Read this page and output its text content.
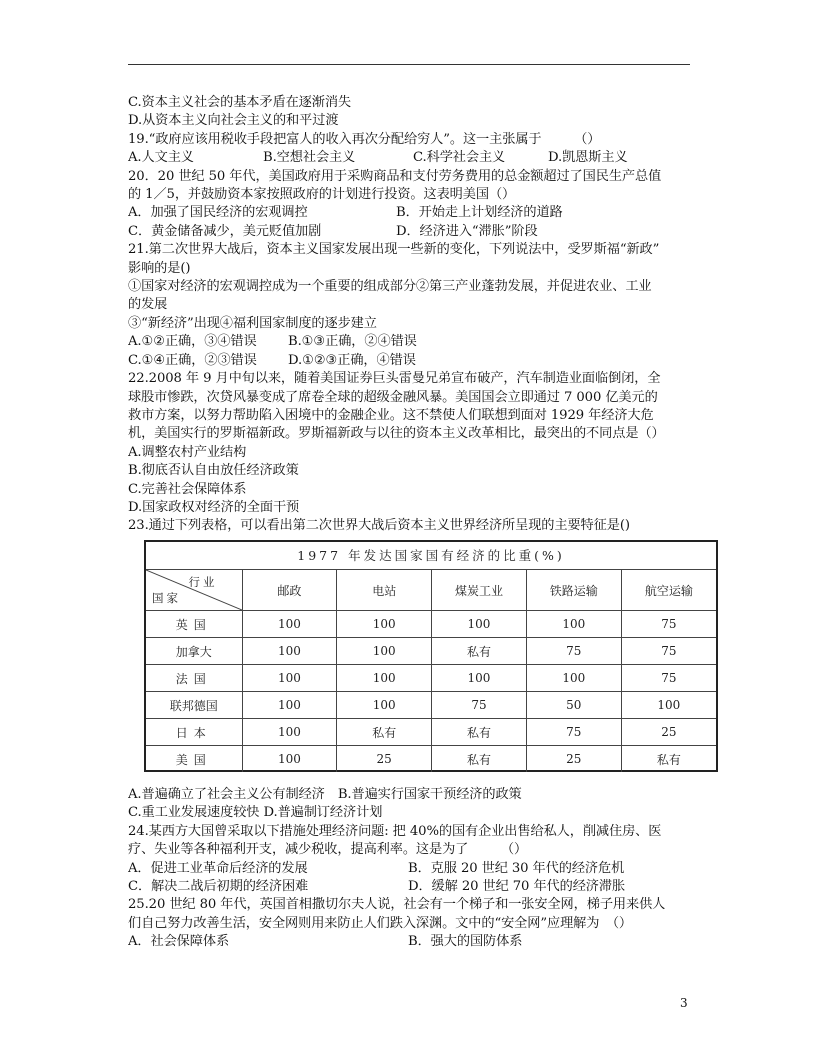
C.资本主义社会的基本矛盾在逐渐消失
D.从资本主义向社会主义的和平过渡
19.“政府应该用税收手段把富人的收入再次分配给穷人”。这一主张属于　　　（）
A.人文主义	B.空想社会主义	C.科学社会主义	D.凯恩斯主义
20．20 世纪 50 年代，美国政府用于采购商品和支付劳务费用的总金额超过了国民生产总值
的 1／5，并鼓励资本家按照政府的计划进行投资。这表明美国（）
A．加强了国民经济的宏观调控	B．开始走上计划经济的道路
C．黄金储备减少，美元贬值加剧	D．经济进入“滞胀”阶段
21.第二次世界大战后，资本主义国家发展出现一些新的变化，下列说法中，受罗斯福“新政”
影响的是()
①国家对经济的宏观调控成为一个重要的组成部分②第三产业蓬勃发展，并促进农业、工业
的发展
③“新经济”出现④福利国家制度的逐步建立
A.①②正确，③④错误 B.①③正确，②④错误
C.①④正确，②③错误 D.①②③正确，④错误
22.2008 年 9 月中旬以来，随着美国证券巨头雷曼兄弟宣布破产，汽车制造业面临倒闭，全
球股市惨跌，次贷风暴变成了席卷全球的超级金融风暴。美国国会立即通过 7 000 亿美元的
救市方案，以努力帮助陷入困境中的金融企业。这不禁使人们联想到面对 1929 年经济大危
机，美国实行的罗斯福新政。罗斯福新政与以往的资本主义改革相比，最突出的不同点是（）
A.调整农村产业结构
B.彻底否认自由放任经济政策
C.完善社会保障体系
D.国家政权对经济的全面干预
23.通过下列表格，可以看出第二次世界大战后资本主义世界经济所呈现的主要特征是()
1977 年发达国家国有经济的比重(%)
行业
国家	邮政	电站	煤炭工业	铁路运输	航空运输
英国	100	100	100	100	75
加拿大	100	100	私有	75	75
法国	100	100	100	100	75
联邦德国	100	100	75	50	100
日本	100	私有	私有	75	25
美国	100	25	私有	25	私有
A.普遍确立了社会主义公有制经济　B.普遍实行国家干预经济的政策
C.重工业发展速度较快 D.普遍制订经济计划
24.某西方大国曾采取以下措施处理经济问题: 把 40%的国有企业出售给私人，削减住房、医
疗、失业等各种福利开支，减少税收，提高利率。这是为了　　　（）
A．促进工业革命后经济的发展	B．克服 20 世纪 30 年代的经济危机
C．解决二战后初期的经济困难	D．缓解 20 世纪 70 年代的经济滞胀
25.20 世纪 80 年代，英国首相撒切尔夫人说，社会有一个梯子和一张安全网，梯子用来供人
们自己努力改善生活，安全网则用来防止人们跌入深渊。文中的“安全网”应理解为　（）
A．社会保障体系	B．强大的国防体系
3
